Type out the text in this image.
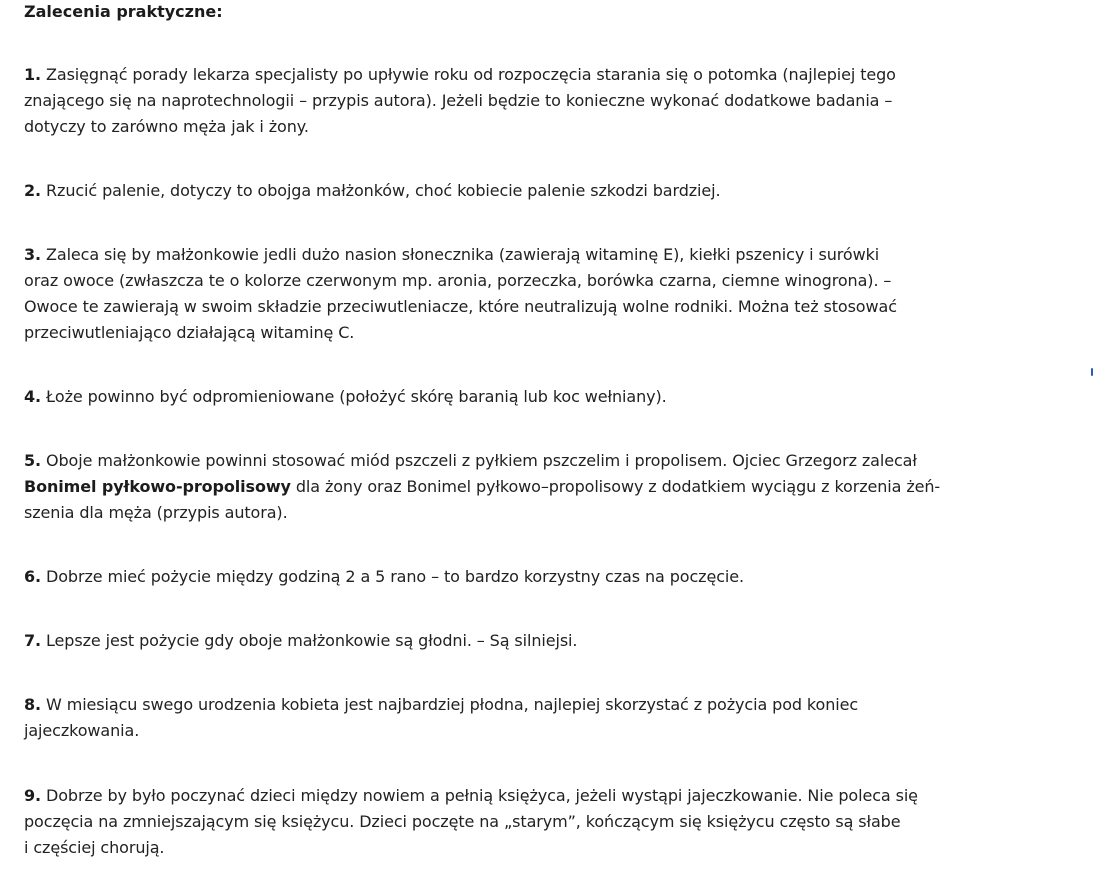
Zalecenia praktyczne:

1. Zasięgnąć porady lekarza specjalisty po upływie roku od rozpoczęcia starania się o potomka (najlepiej tego
znającego się na naprotechnologii – przypis autora). Jeżeli będzie to konieczne wykonać dodatkowe badania –
dotyczy to zarówno męża jak i żony.

2. Rzucić palenie, dotyczy to obojga małżonków, choć kobiecie palenie szkodzi bardziej.

3. Zaleca się by małżonkowie jedli dużo nasion słonecznika (zawierają witaminę E), kiełki pszenicy i surówki
oraz owoce (zwłaszcza te o kolorze czerwonym mp. aronia, porzeczka, borówka czarna, ciemne winogrona). –
Owoce te zawierają w swoim składzie przeciwutleniacze, które neutralizują wolne rodniki. Można też stosować
przeciwutleniająco działającą witaminę C.

4. Łoże powinno być odpromieniowane (położyć skórę baranią lub koc wełniany).

5. Oboje małżonkowie powinni stosować miód pszczeli z pyłkiem pszczelim i propolisem. Ojciec Grzegorz zalecał
Bonimel pyłkowo-propolisowy dla żony oraz Bonimel pyłkowo–propolisowy z dodatkiem wyciągu z korzenia żeń-
szenia dla męża (przypis autora).

6. Dobrze mieć pożycie między godziną 2 a 5 rano – to bardzo korzystny czas na poczęcie.

7. Lepsze jest pożycie gdy oboje małżonkowie są głodni. – Są silniejsi.

8. W miesiącu swego urodzenia kobieta jest najbardziej płodna, najlepiej skorzystać z pożycia pod koniec
jajeczkowania.

9. Dobrze by było poczynać dzieci między nowiem a pełnią księżyca, jeżeli wystąpi jajeczkowanie. Nie poleca się
poczęcia na zmniejszającym się księżycu. Dzieci poczęte na „starym”, kończącym się księżycu często są słabe
i częściej chorują.
